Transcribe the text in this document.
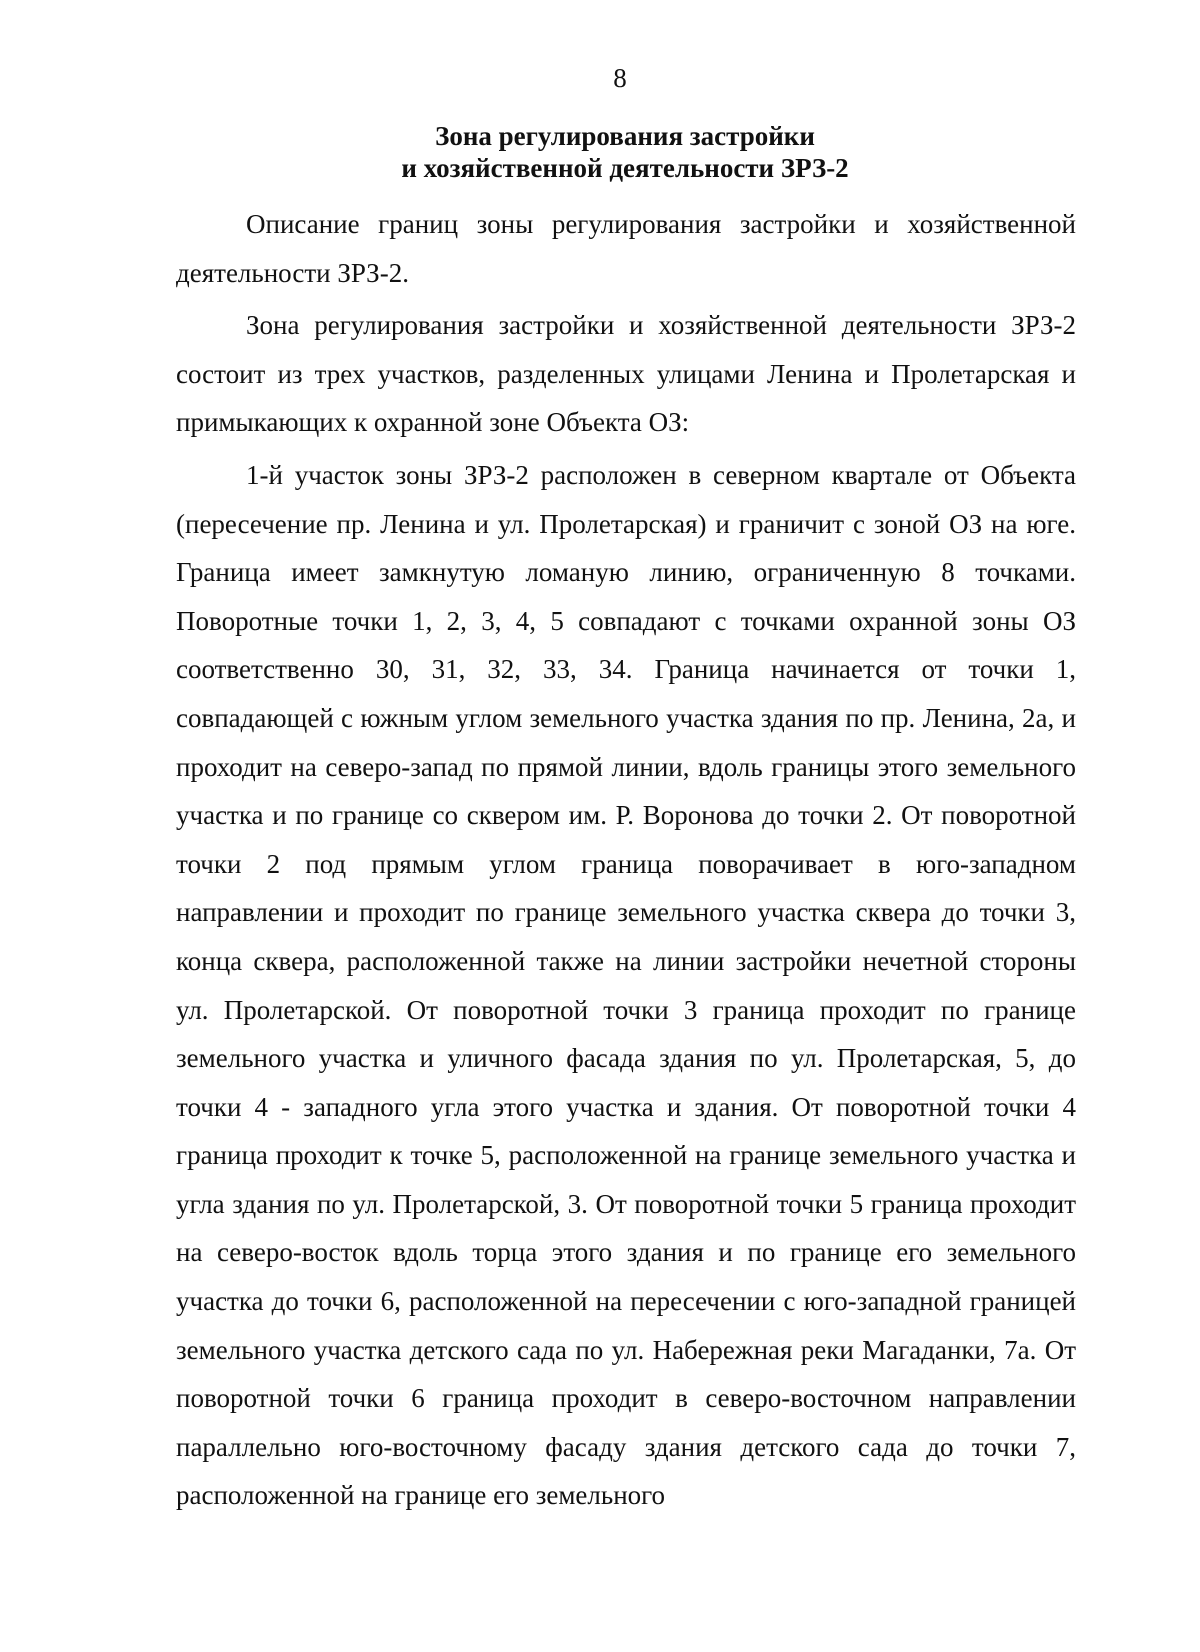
8
Зона регулирования застройки
и хозяйственной деятельности ЗРЗ-2

Описание границ зоны регулирования застройки и хозяйственной деятельности ЗРЗ-2.

Зона регулирования застройки и хозяйственной деятельности ЗРЗ-2 состоит из трех участков, разделенных улицами Ленина и Пролетарская и примыкающих к охранной зоне Объекта ОЗ:

1-й участок зоны ЗРЗ-2 расположен в северном квартале от Объекта (пересечение пр. Ленина и ул. Пролетарская) и граничит с зоной ОЗ на юге. Граница имеет замкнутую ломаную линию, ограниченную 8 точками. Поворотные точки 1, 2, 3, 4, 5 совпадают с точками охранной зоны ОЗ соответственно 30, 31, 32, 33, 34. Граница начинается от точки 1, совпадающей с южным углом земельного участка здания по пр. Ленина, 2а, и проходит на северо-запад по прямой линии, вдоль границы этого земельного участка и по границе со сквером им. Р. Воронова до точки 2. От поворотной точки 2 под прямым углом граница поворачивает в юго-западном направлении и проходит по границе земельного участка сквера до точки 3, конца сквера, расположенной также на линии застройки нечетной стороны ул. Пролетарской. От поворотной точки 3 граница проходит по границе земельного участка и уличного фасада здания по ул. Пролетарская, 5, до точки 4 - западного угла этого участка и здания. От поворотной точки 4 граница проходит к точке 5, расположенной на границе земельного участка и угла здания по ул. Пролетарской, 3. От поворотной точки 5 граница проходит на северо-восток вдоль торца этого здания и по границе его земельного участка до точки 6, расположенной на пересечении с юго-западной границей земельного участка детского сада по ул. Набережная реки Магаданки, 7а. От поворотной точки 6 граница проходит в северо-восточном направлении параллельно юго-восточному фасаду здания детского сада до точки 7, расположенной на границе его земельного
